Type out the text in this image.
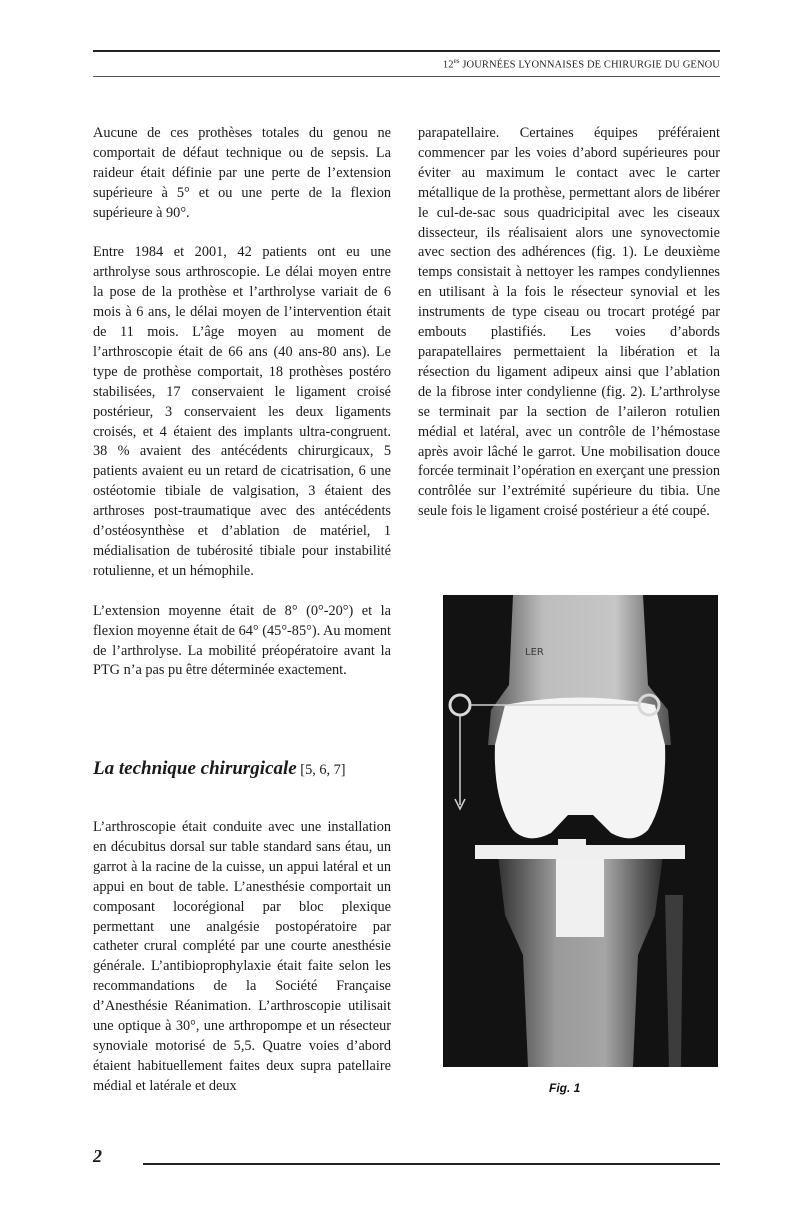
$12^{es}$ JOURNÉES LYONNAISES DE CHIRURGIE DU GENOU

Aucune de ces prothèses totales du genou ne comportait de défaut technique ou de sepsis. La raideur était définie par une perte de l’extension supérieure à 5° et ou une perte de la flexion supérieure à 90°.

Entre 1984 et 2001, 42 patients ont eu une arthrolyse sous arthroscopie. Le délai moyen entre la pose de la prothèse et l’arthrolyse variait de 6 mois à 6 ans, le délai moyen de l’intervention était de 11 mois. L’âge moyen au moment de l’arthroscopie était de 66 ans (40 ans-80 ans). Le type de prothèse comportait, 18 prothèses postéro stabilisées, 17 conservaient le ligament croisé postérieur, 3 conservaient les deux ligaments croisés, et 4 étaient des implants ultra-congruent. 38 % avaient des antécédents chirurgicaux, 5 patients avaient eu un retard de cicatrisation, 6 une ostéotomie tibiale de valgisation, 3 étaient des arthroses post-traumatique avec des antécédents d’ostéosynthèse et d’ablation de matériel, 1 médialisation de tubérosité tibiale pour instabilité rotulienne, et un hémophile.

L’extension moyenne était de 8° (0°-20°) et la flexion moyenne était de 64° (45°-85°). Au moment de l’arthrolyse. La mobilité préopératoire avant la PTG n’a pas pu être déterminée exactement.

La technique chirurgicale [5, 6, 7]

L’arthroscopie était conduite avec une installation en décubitus dorsal sur table standard sans étau, un garrot à la racine de la cuisse, un appui latéral et un appui en bout de table. L’anesthésie comportait un composant locorégional par bloc plexique permettant une analgésie postopératoire par catheter crural complété par une courte anesthésie générale. L’antibioprophylaxie était faite selon les recommandations de la Société Française d’Anesthésie Réanimation. L’arthroscopie utilisait une optique à 30°, une arthropompe et un résecteur synoviale motorisé de 5,5. Quatre voies d’abord étaient habituellement faites deux supra patellaire médial et latérale et deux

parapatellaire. Certaines équipes préféraient commencer par les voies d’abord supérieures pour éviter au maximum le contact avec le carter métallique de la prothèse, permettant alors de libérer le cul-de-sac sous quadricipital avec les ciseaux dissecteur, ils réalisaient alors une synovectomie avec section des adhérences (fig. 1). Le deuxième temps consistait à nettoyer les rampes condyliennes en utilisant à la fois le résecteur synovial et les instruments de type ciseau ou trocart protégé par embouts plastifiés. Les voies d’abords parapatellaires permettaient la libération et la résection du ligament adipeux ainsi que l’ablation de la fibrose inter condylienne (fig. 2). L’arthrolyse se terminait par la section de l’aileron rotulien médial et latéral, avec un contrôle de l’hémostase après avoir lâché le garrot. Une mobilisation douce forcée terminait l’opération en exerçant une pression contrôlée sur l’extrémité supérieure du tibia. Une seule fois le ligament croisé postérieur a été coupé.

LER
Fig. 1
2
